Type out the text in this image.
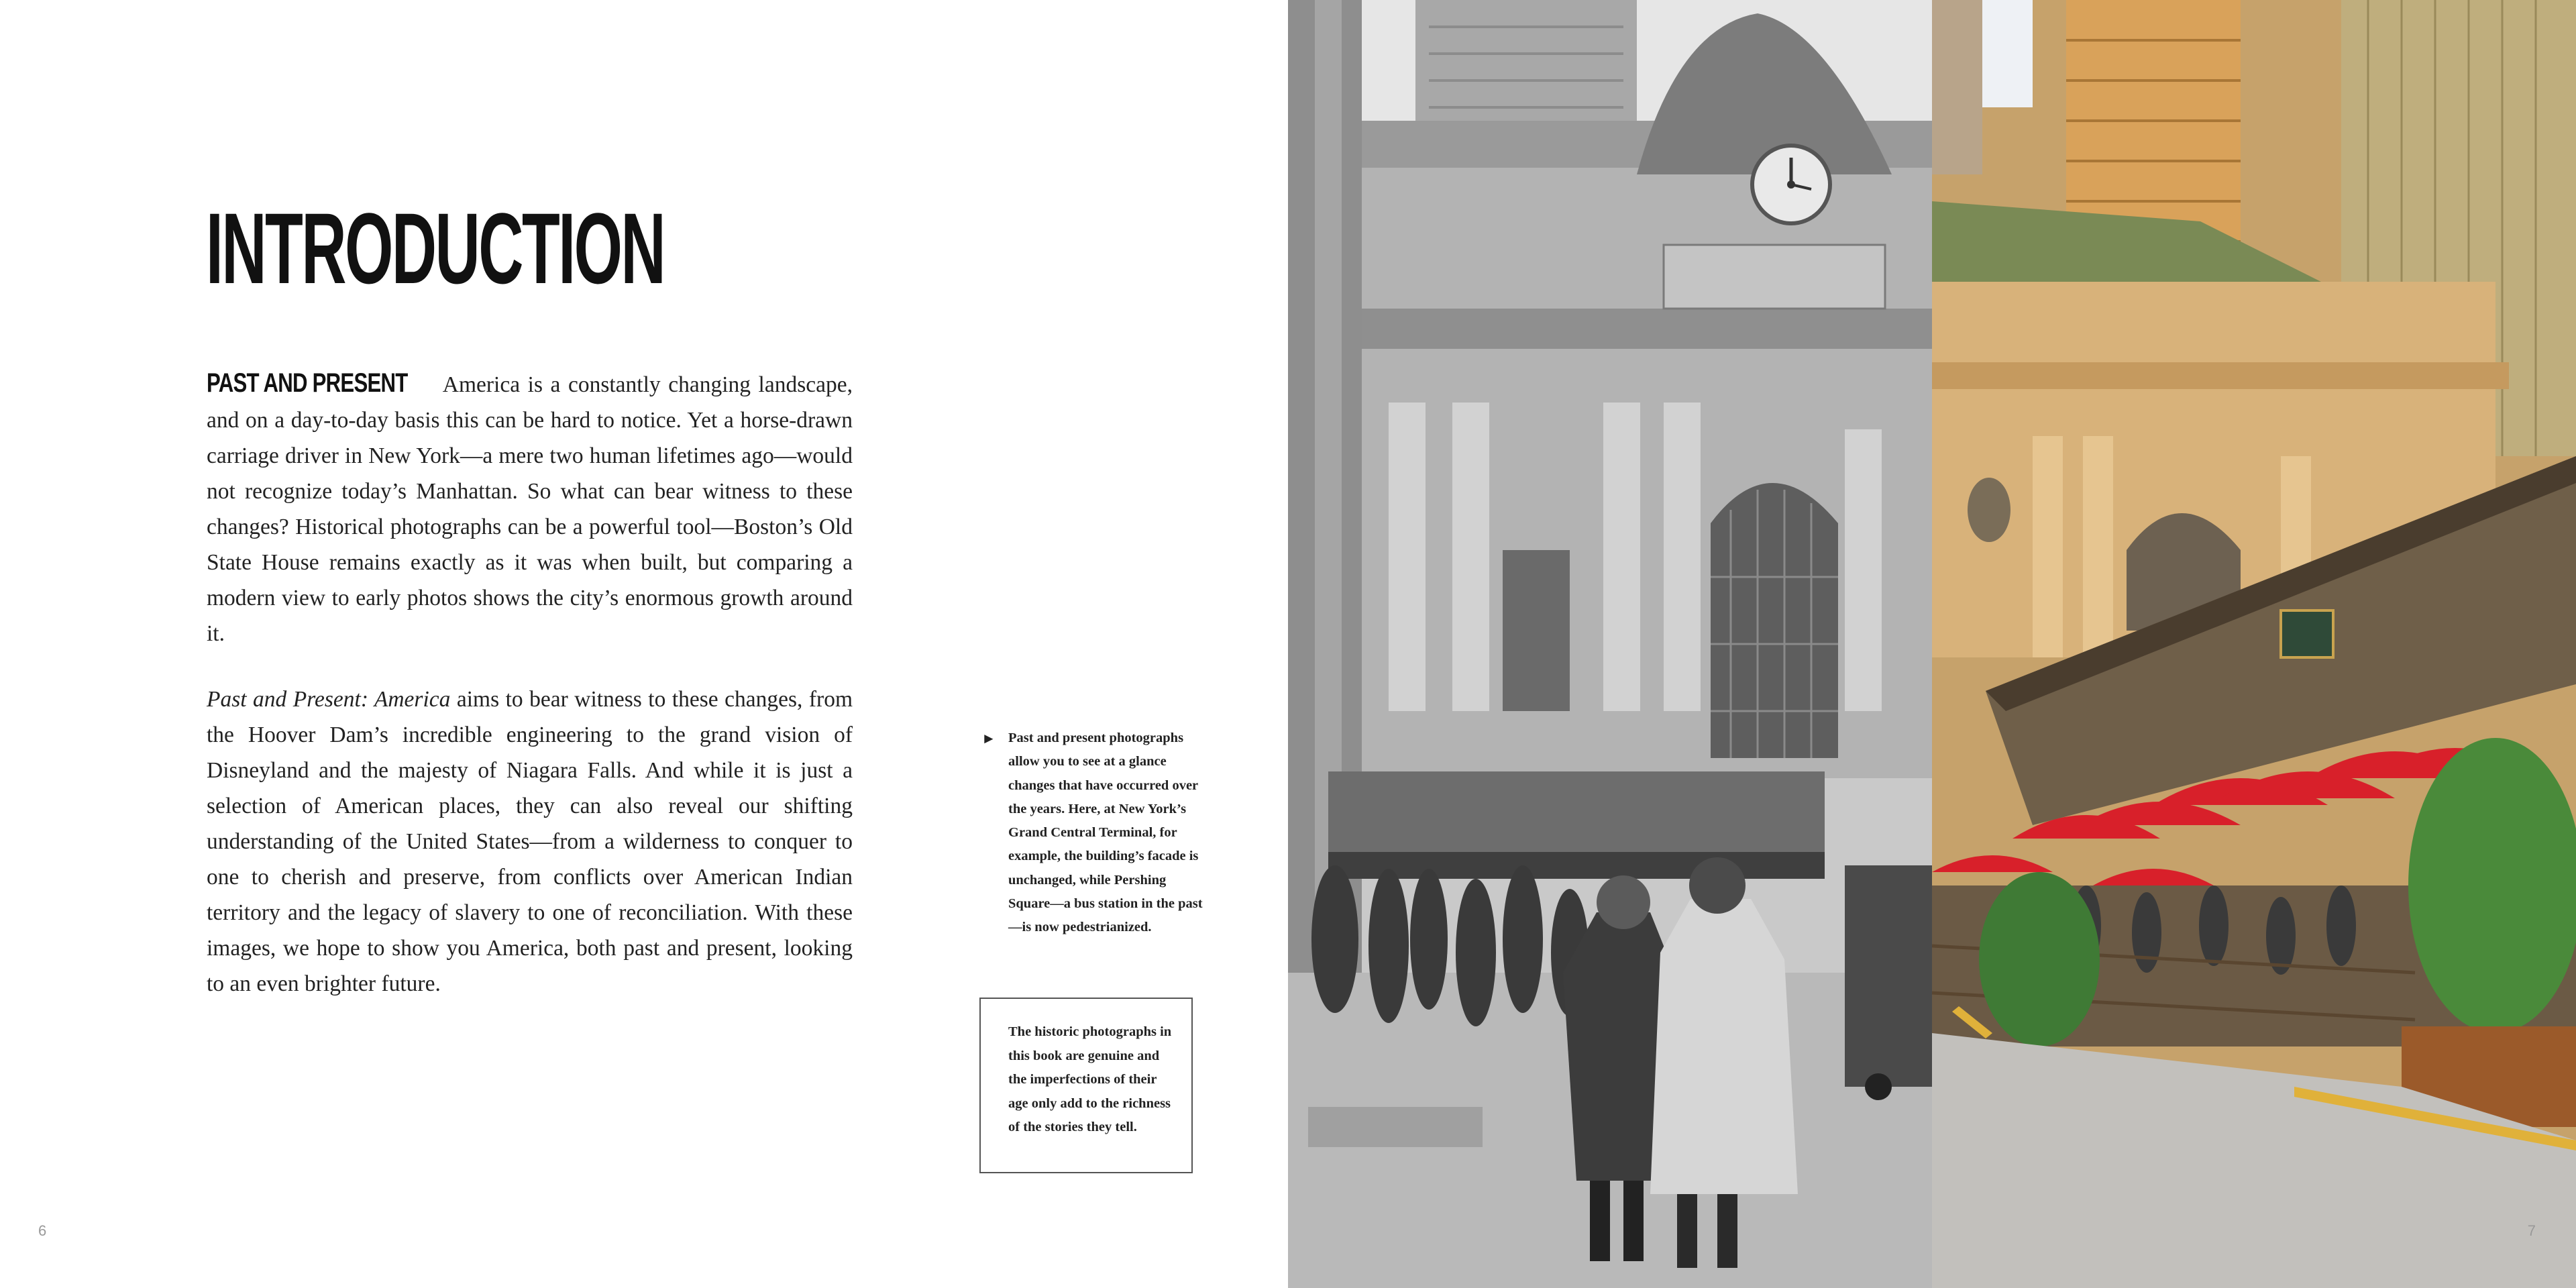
INTRODUCTION

PAST AND PRESENT America is a constantly changing landscape, and on a day-to-day basis this can be hard to notice. Yet a horse-drawn carriage driver in New York—a mere two human lifetimes ago—would not recognize today’s Manhattan. So what can bear witness to these changes? Historical photographs can be a powerful tool—Boston’s Old State House remains exactly as it was when built, but comparing a modern view to early photos shows the city’s enormous growth around it.

Past and Present: America aims to bear witness to these changes, from the Hoover Dam’s incredible engineering to the grand vision of Disneyland and the majesty of Niagara Falls. And while it is just a selection of American places, they can also reveal our shifting understanding of the United States—from a wilderness to conquer to one to cherish and preserve, from conflicts over American Indian territory and the legacy of slavery to one of reconciliation. With these images, we hope to show you America, both past and present, looking to an even brighter future.

► Past and present photographs allow you to see at a glance changes that have occurred over the years. Here, at New York’s Grand Central Terminal, for example, the building’s facade is unchanged, while Pershing Square—a bus station in the past—is now pedestrianized.
The historic photographs in this book are genuine and the imperfections of their age only add to the richness of the stories they tell.
6	7
